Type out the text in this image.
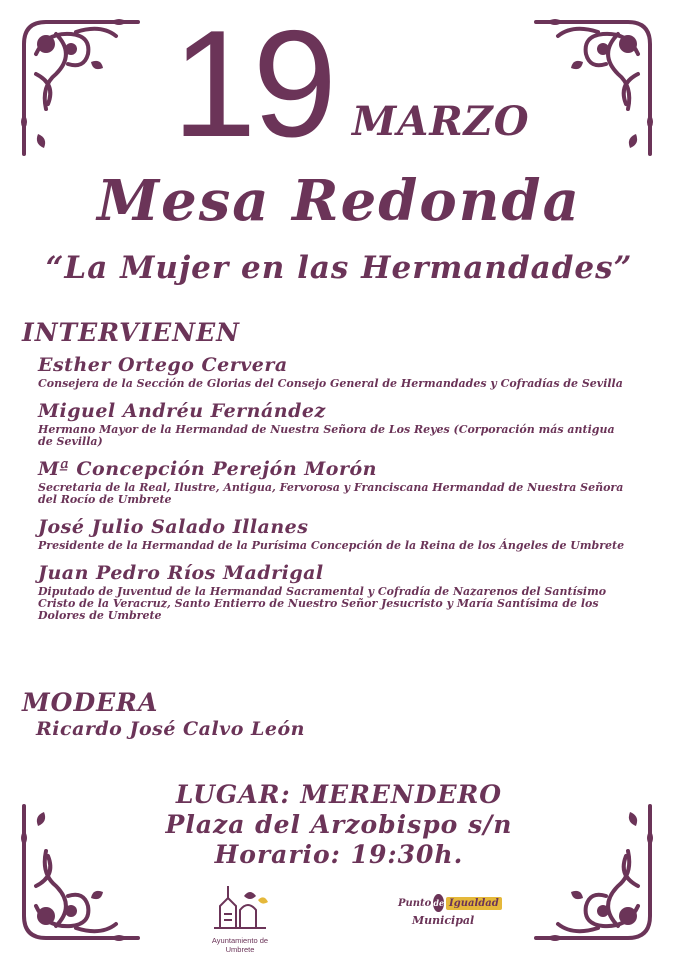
19 MARZO
Mesa Redonda
“La Mujer en las Hermandades”
INTERVIENEN
Esther Ortego Cervera
Consejera de la Sección de Glorias del Consejo General de Hermandades y Cofradías de Sevilla
Miguel Andréu Fernández
Hermano Mayor de la Hermandad de Nuestra Señora de Los Reyes (Corporación más antigua de Sevilla)
Mª Concepción Perejón Morón
Secretaria de la Real, Ilustre, Antigua, Fervorosa y Franciscana Hermandad de Nuestra Señora del Rocío de Umbrete
José Julio Salado Illanes
Presidente de la Hermandad de la Purísima Concepción de la Reina de los Ángeles de Umbrete
Juan Pedro Ríos Madrigal
Diputado de Juventud de la Hermandad Sacramental y Cofradía de Nazarenos del Santísimo Cristo de la Veracruz, Santo Entierro de Nuestro Señor Jesucristo y María Santísima de los Dolores de Umbrete
MODERA
Ricardo José Calvo León
LUGAR: MERENDERO
Plaza del Arzobispo s/n
Horario: 19:30h.
Ayuntamiento de Umbrete
Punto de Igualdad
Municipal
